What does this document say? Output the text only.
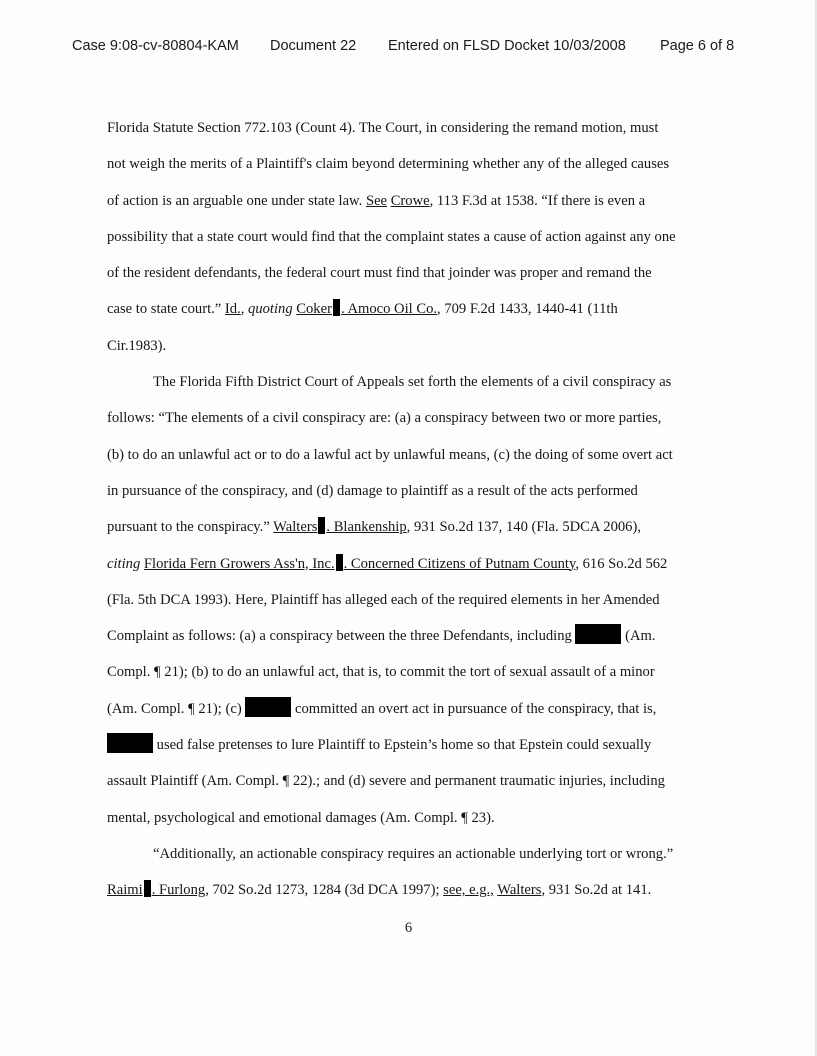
Case 9:08-cv-80804-KAM Document 22 Entered on FLSD Docket 10/03/2008 Page 6 of 8
Florida Statute Section 772.103 (Count 4). The Court, in considering the remand motion, must
not weigh the merits of a Plaintiff's claim beyond determining whether any of the alleged causes
of action is an arguable one under state law. See Crowe, 113 F.3d at 1538. “If there is even a
possibility that a state court would find that the complaint states a cause of action against any one
of the resident defendants, the federal court must find that joinder was proper and remand the
case to state court.” Id., quoting Coker . Amoco Oil Co., 709 F.2d 1433, 1440-41 (11th
Cir.1983).
The Florida Fifth District Court of Appeals set forth the elements of a civil conspiracy as
follows: “The elements of a civil conspiracy are: (a) a conspiracy between two or more parties,
(b) to do an unlawful act or to do a lawful act by unlawful means, (c) the doing of some overt act
in pursuance of the conspiracy, and (d) damage to plaintiff as a result of the acts performed
pursuant to the conspiracy.” Walters . Blankenship, 931 So.2d 137, 140 (Fla. 5DCA 2006),
citing Florida Fern Growers Ass'n, Inc. . Concerned Citizens of Putnam County, 616 So.2d 562
(Fla. 5th DCA 1993). Here, Plaintiff has alleged each of the required elements in her Amended
Complaint as follows: (a) a conspiracy between the three Defendants, including	(Am.
Compl. ¶ 21); (b) to do an unlawful act, that is, to commit the tort of sexual assault of a minor
(Am. Compl. ¶ 21); (c)	committed an overt act in pursuance of the conspiracy, that is,
used false pretenses to lure Plaintiff to Epstein’s home so that Epstein could sexually
assault Plaintiff (Am. Compl. ¶ 22).; and (d) severe and permanent traumatic injuries, including
mental, psychological and emotional damages (Am. Compl. ¶ 23).
“Additionally, an actionable conspiracy requires an actionable underlying tort or wrong.”
Raimi . Furlong, 702 So.2d 1273, 1284 (3d DCA 1997); see, e.g., Walters, 931 So.2d at 141.
6
